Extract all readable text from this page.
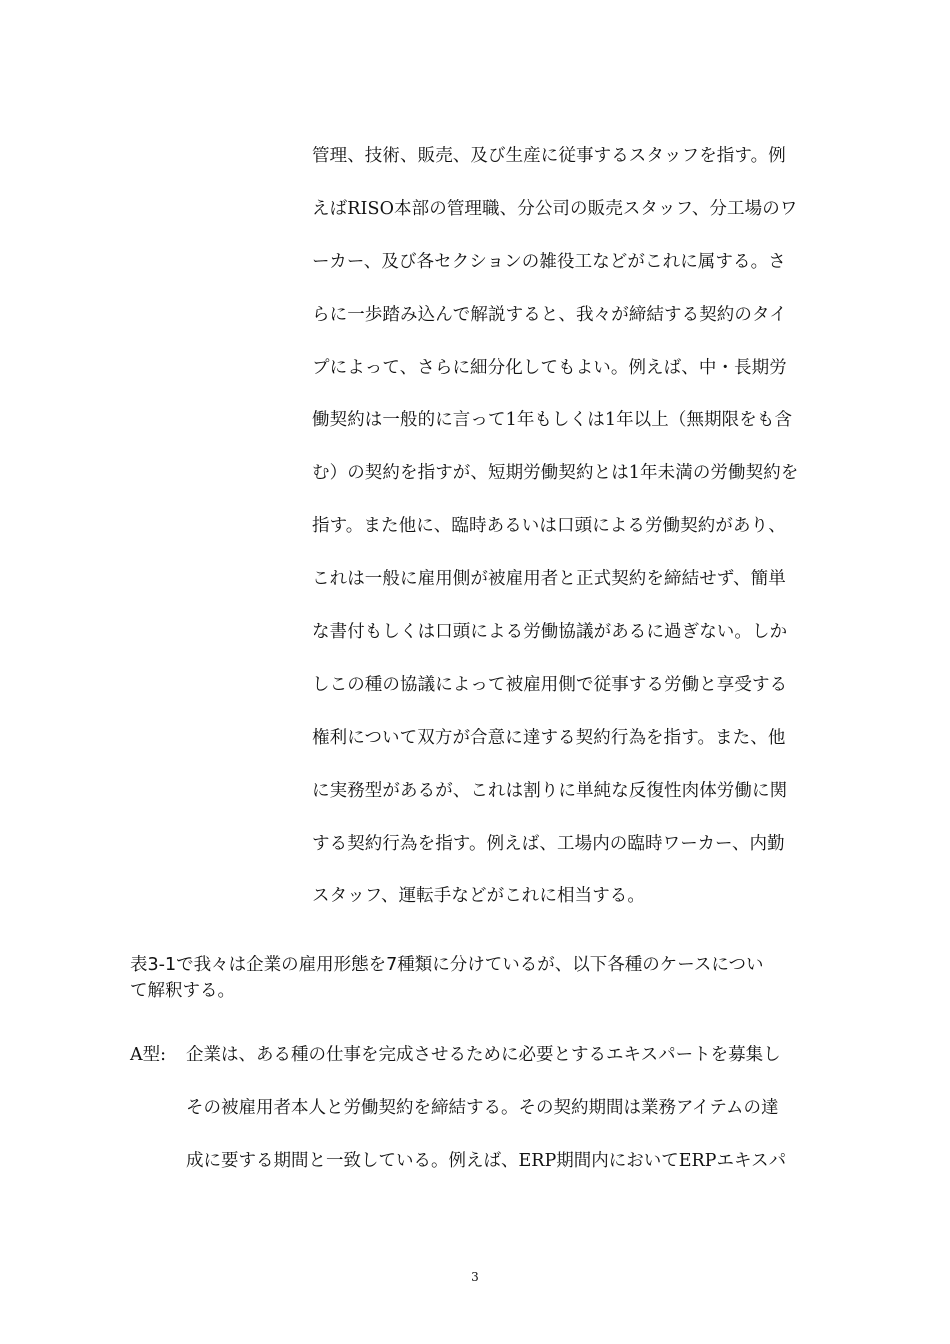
管理、技術、販売、及び生産に従事するスタッフを指す。例
えばRISO本部の管理職、分公司の販売スタッフ、分工場のワ
ーカー、及び各セクションの雑役工などがこれに属する。さ
らに一歩踏み込んで解説すると、我々が締結する契約のタイ
プによって、さらに細分化してもよい。例えば、中・長期労
働契約は一般的に言って1年もしくは1年以上（無期限をも含
む）の契約を指すが、短期労働契約とは1年未満の労働契約を
指す。また他に、臨時あるいは口頭による労働契約があり、
これは一般に雇用側が被雇用者と正式契約を締結せず、簡単
な書付もしくは口頭による労働協議があるに過ぎない。しか
しこの種の協議によって被雇用側で従事する労働と享受する
権利について双方が合意に達する契約行為を指す。また、他
に実務型があるが、これは割りに単純な反復性肉体労働に関
する契約行為を指す。例えば、工場内の臨時ワーカー、内勤
スタッフ、運転手などがこれに相当する。
表3-1で我々は企業の雇用形態を7種類に分けているが、以下各種のケースについ
て解釈する。
A型: 企業は、ある種の仕事を完成させるために必要とするエキスパートを募集し
その被雇用者本人と労働契約を締結する。その契約期間は業務アイテムの達
成に要する期間と一致している。例えば、ERP期間内においてERPエキスパ
3
